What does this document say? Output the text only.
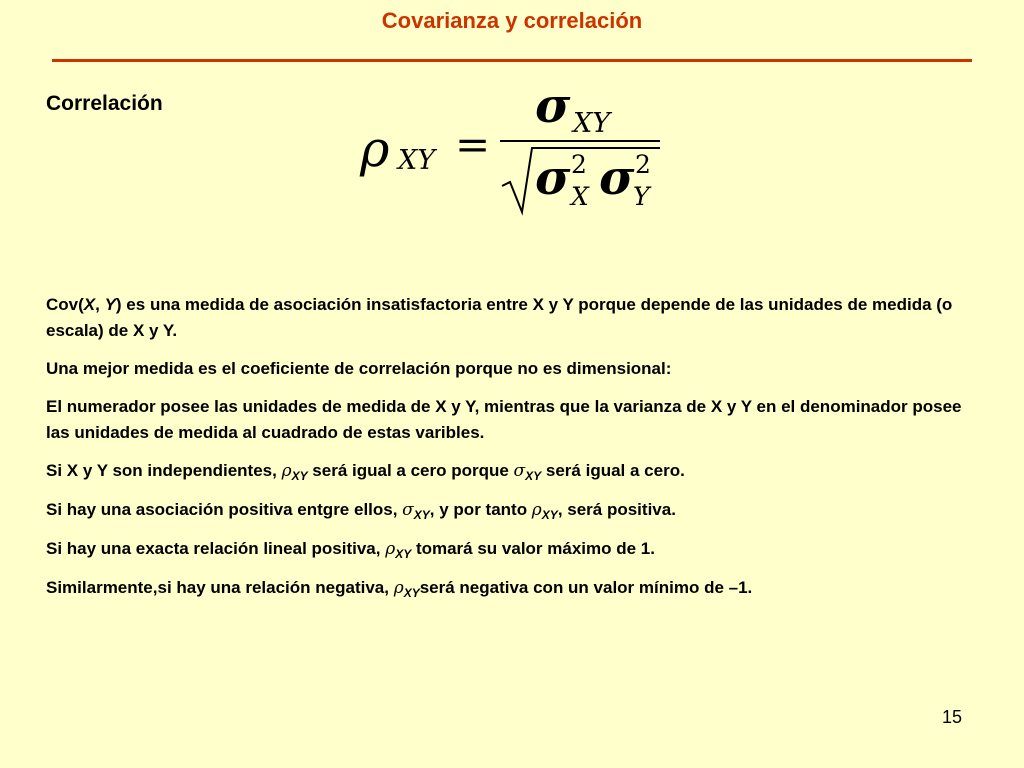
Covarianza y correlación
Correlación
ρ XY =
σ XY
σ 2
X σ 2
Y

Cov(X, Y) es una medida de asociación insatisfactoria entre X y Y porque depende de las unidades de medida (o escala) de X y Y.

Una mejor medida es el coeficiente de correlación porque no es dimensional:

El numerador posee las unidades de medida de X y Y, mientras que la varianza de X y Y en el denominador posee las unidades de medida al cuadrado de estas varibles.

Si X y Y son independientes, $\rho_{XY}$ será igual a cero porque $\sigma_{XY}$ será igual a cero.

Si hay una asociación positiva entgre ellos, $\sigma_{XY}$, y por tanto $\rho_{XY}$, será positiva.

Si hay una exacta relación lineal positiva, $\rho_{XY}$ tomará su valor máximo de 1.

Similarmente,si hay una relación negativa, $\rho_{XY}será$ negativa con un valor mínimo de –1.

15
